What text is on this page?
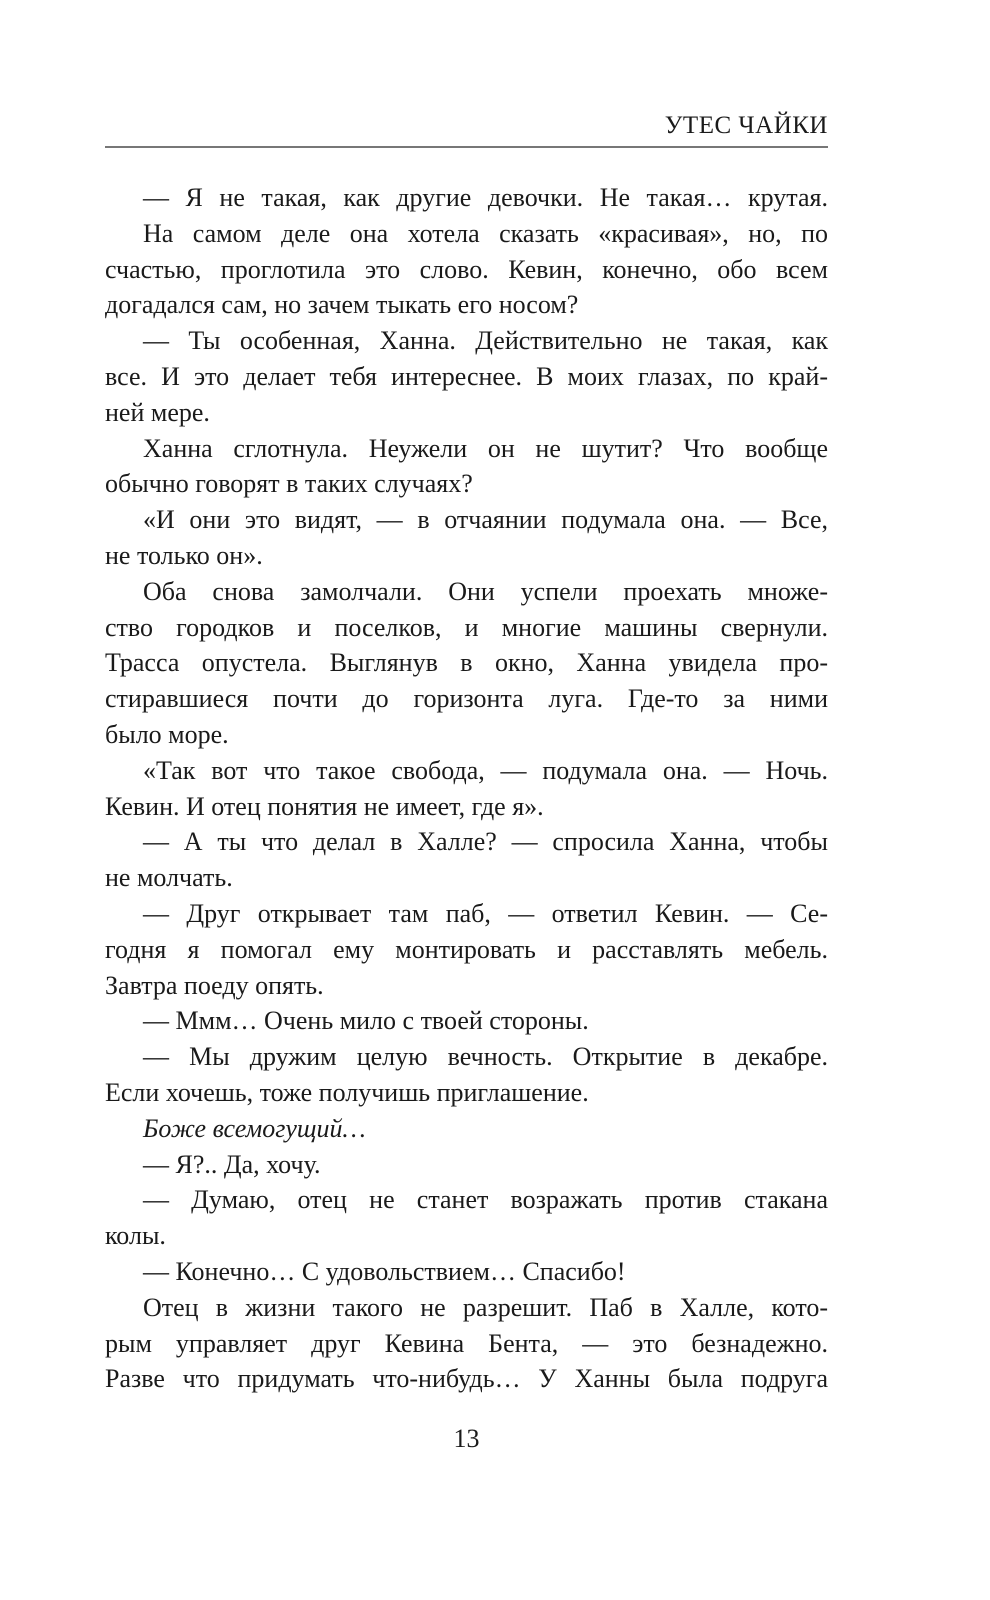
УТЕС ЧАЙКИ
— Я не такая, как другие девочки. Не такая… крутая.
На самом деле она хотела сказать «красивая», но, по
счастью, проглотила это слово. Кевин, конечно, обо всем
догадался сам, но зачем тыкать его носом?
— Ты особенная, Ханна. Действительно не такая, как
все. И это делает тебя интереснее. В моих глазах, по край-
ней мере.
Ханна сглотнула. Неужели он не шутит? Что вообще
обычно говорят в таких случаях?
«И они это видят, — в отчаянии подумала она. — Все,
не только он».
Оба снова замолчали. Они успели проехать множе-
ство городков и поселков, и многие машины свернули.
Трасса опустела. Выглянув в окно, Ханна увидела про-
стиравшиеся почти до горизонта луга. Где-то за ними
было море.
«Так вот что такое свобода, — подумала она. — Ночь.
Кевин. И отец понятия не имеет, где я».
— А ты что делал в Халле? — спросила Ханна, чтобы
не молчать.
— Друг открывает там паб, — ответил Кевин. — Се-
годня я помогал ему монтировать и расставлять мебель.
Завтра поеду опять.
— Ммм… Очень мило с твоей стороны.
— Мы дружим целую вечность. Открытие в декабре.
Если хочешь, тоже получишь приглашение.
Боже всемогущий…
— Я?.. Да, хочу.
— Думаю, отец не станет возражать против стакана
колы.
— Конечно… С удовольствием… Спасибо!
Отец в жизни такого не разрешит. Паб в Халле, кото-
рым управляет друг Кевина Бента, — это безнадежно.
Разве что придумать что-нибудь… У Ханны была подруга
13
